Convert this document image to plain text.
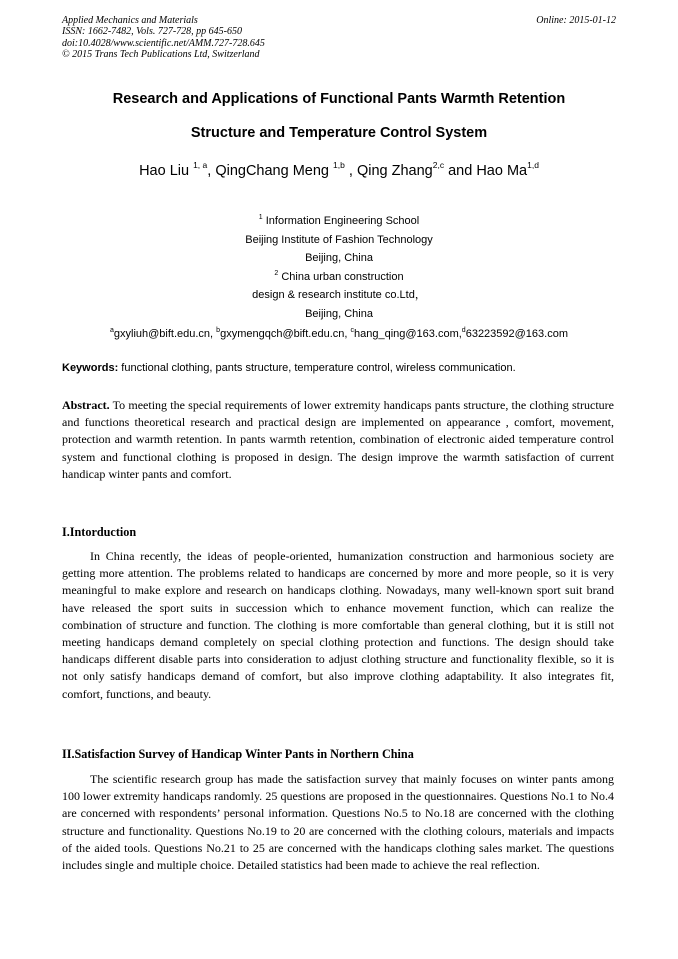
Applied Mechanics and Materials
ISSN: 1662-7482, Vols. 727-728, pp 645-650
doi:10.4028/www.scientific.net/AMM.727-728.645
© 2015 Trans Tech Publications Ltd, Switzerland
Online: 2015-01-12
Research and Applications of Functional Pants Warmth Retention
Structure and Temperature Control System
Hao Liu $^{1, a}$, QingChang Meng $^{1,b}$ , Qing Zhang$^{2,c}$ and Hao Ma$^{1,d}$
$^1$ Information Engineering School
Beijing Institute of Fashion Technology
Beijing, China
$^2$ China urban construction
design & research institute co.Ltd，
Beijing, China
$^a$gxyliuh@bift.edu.cn, $^b$gxymengqch@bift.edu.cn, $^c$hang_qing@163.com,$^d$63223592@163.com
Keywords: functional clothing, pants structure, temperature control, wireless communication.
Abstract. To meeting the special requirements of lower extremity handicaps pants structure, the clothing structure and functions theoretical research and practical design are implemented on appearance , comfort, movement, protection and warmth retention. In pants warmth retention, combination of electronic aided temperature control system and functional clothing is proposed in design. The design improve the warmth satisfaction of current handicap winter pants and comfort.
I.Intorduction
In China recently, the ideas of people-oriented, humanization construction and harmonious society are getting more attention. The problems related to handicaps are concerned by more and more people, so it is very meaningful to make explore and research on handicaps clothing. Nowadays, many well-known sport suit brand have released the sport suits in succession which to enhance movement function, which can realize the combination of structure and function. The clothing is more comfortable than general clothing, but it is still not meeting handicaps demand completely on special clothing protection and functions. The design should take handicaps different disable parts into consideration to adjust clothing structure and functionality flexible, so it is not only satisfy handicaps demand of comfort, but also improve clothing adaptability. It also integrates fit, comfort, functions, and beauty.
II.Satisfaction Survey of Handicap Winter Pants in Northern China
The scientific research group has made the satisfaction survey that mainly focuses on winter pants among 100 lower extremity handicaps randomly. 25 questions are proposed in the questionnaires. Questions No.1 to No.4 are concerned with respondents’ personal information. Questions No.5 to No.18 are concerned with the clothing structure and functionality. Questions No.19 to 20 are concerned with the clothing colours, materials and impacts of the aided tools. Questions No.21 to 25 are concerned with the handicaps clothing sales market. The questions includes single and multiple choice. Detailed statistics had been made to achieve the real reflection.
